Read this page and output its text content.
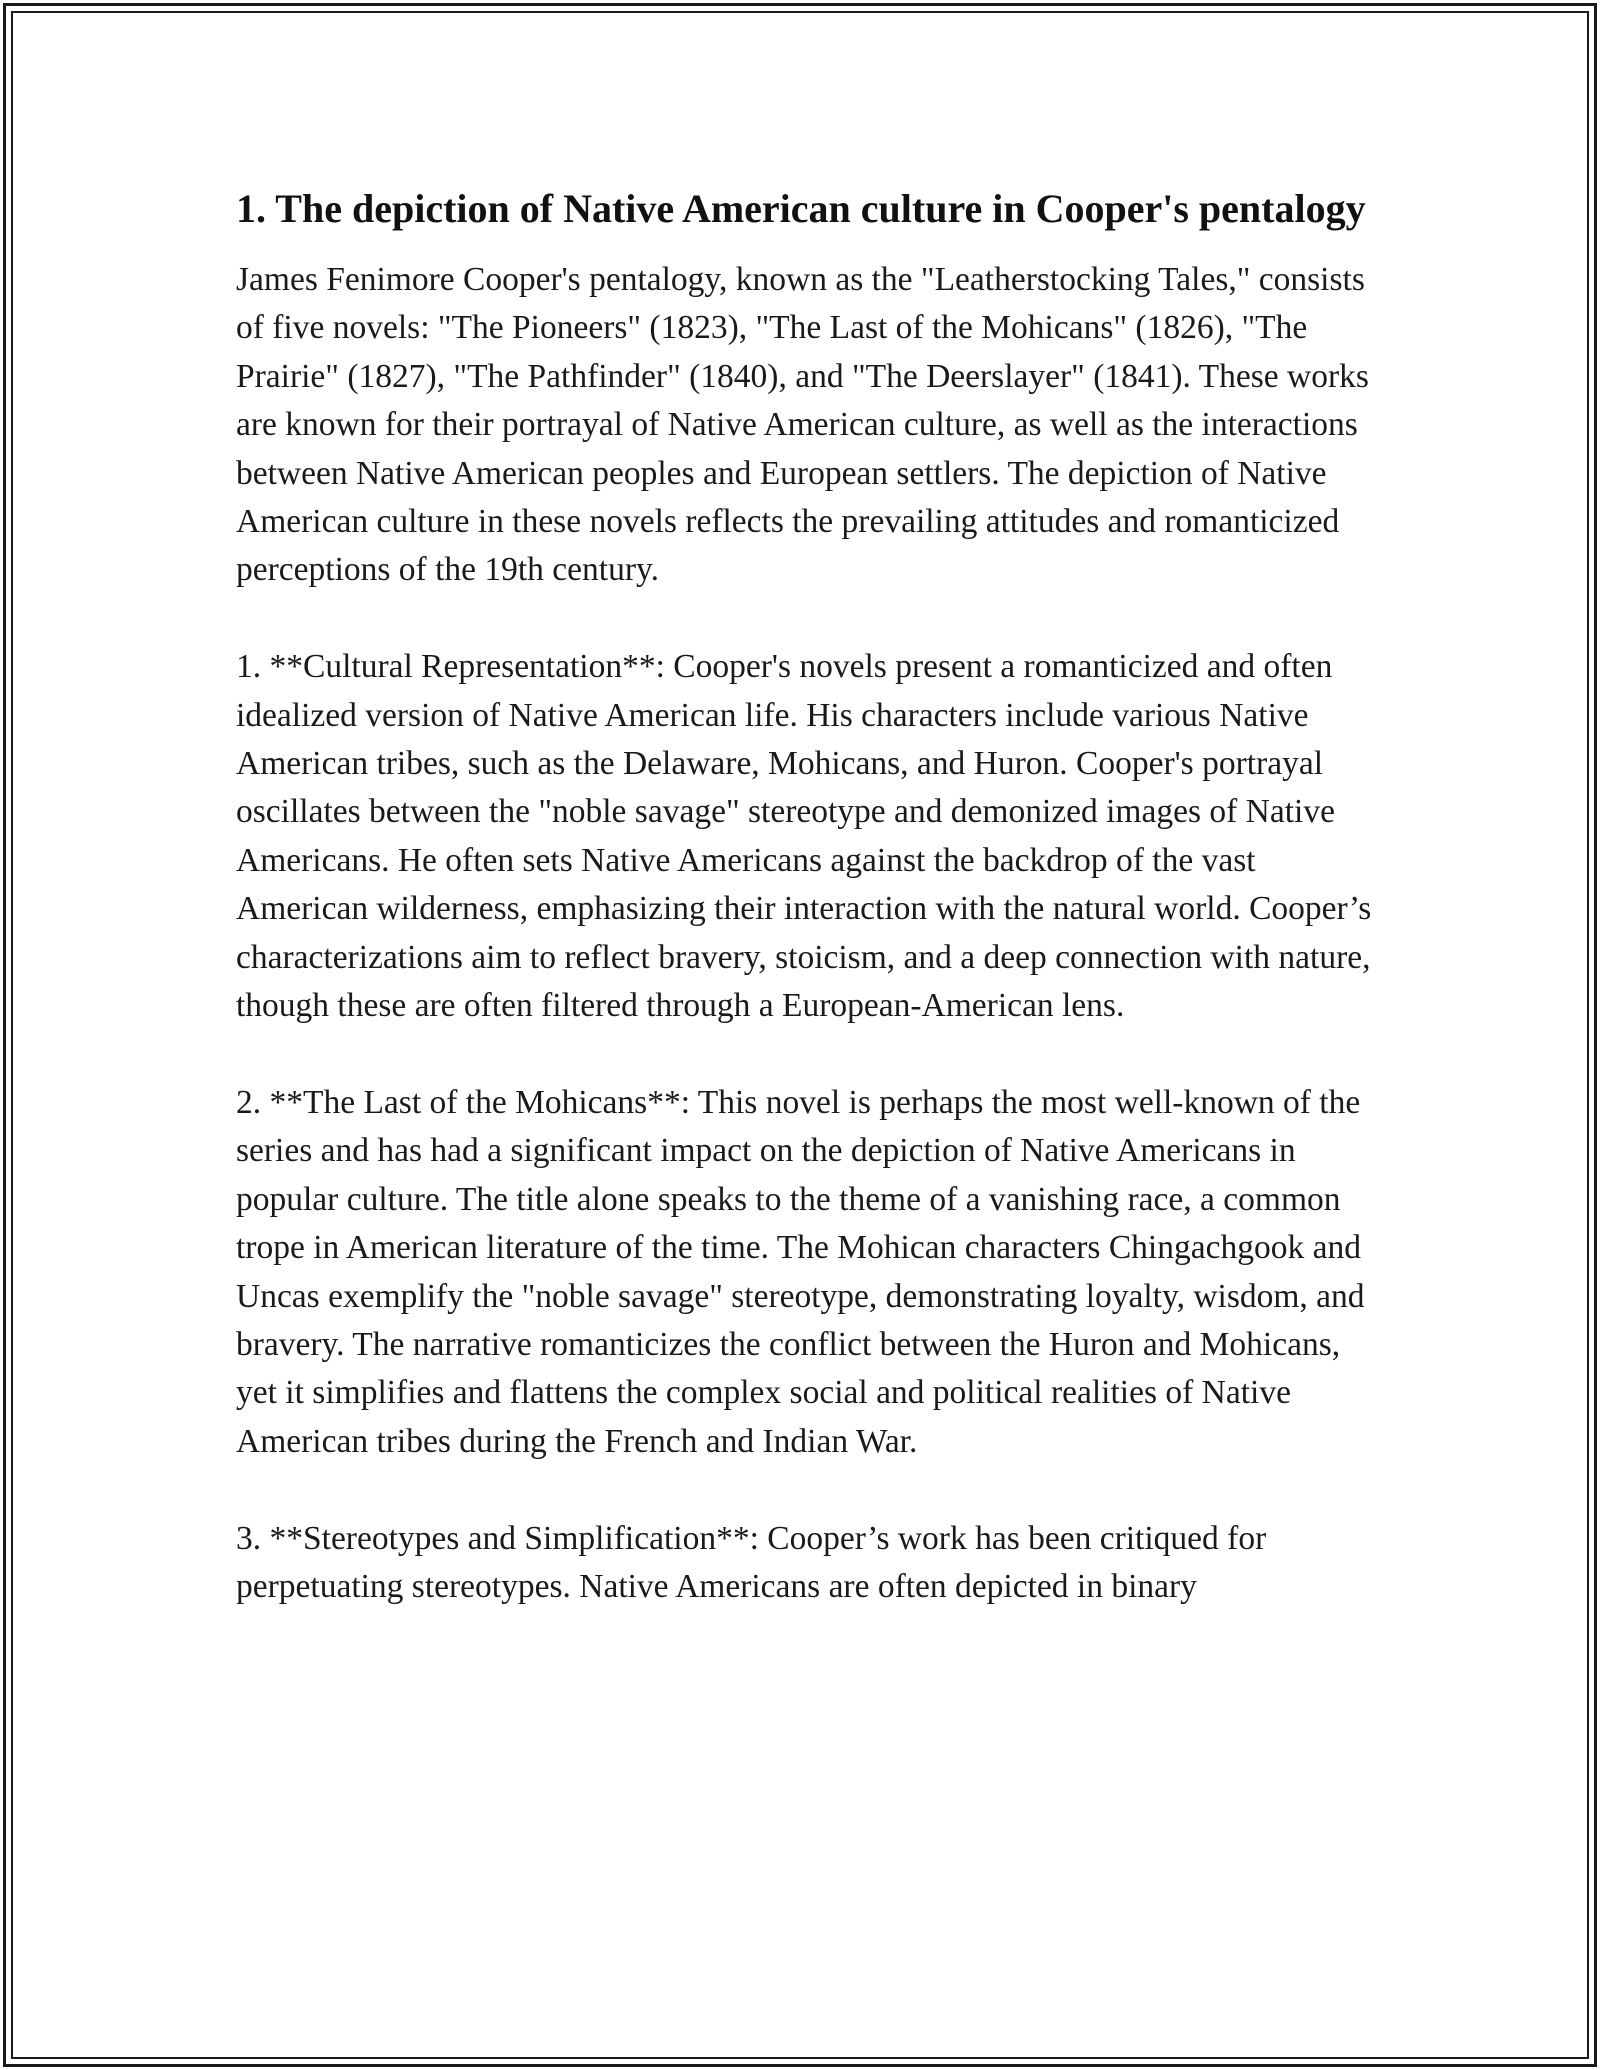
1. The depiction of Native American culture in Cooper's pentalogy

James Fenimore Cooper's pentalogy, known as the "Leatherstocking Tales," consists of five novels: "The Pioneers" (1823), "The Last of the Mohicans" (1826), "The Prairie" (1827), "The Pathfinder" (1840), and "The Deerslayer" (1841). These works are known for their portrayal of Native American culture, as well as the interactions between Native American peoples and European settlers. The depiction of Native American culture in these novels reflects the prevailing attitudes and romanticized perceptions of the 19th century.

1. **Cultural Representation**: Cooper's novels present a romanticized and often idealized version of Native American life. His characters include various Native American tribes, such as the Delaware, Mohicans, and Huron. Cooper's portrayal oscillates between the "noble savage" stereotype and demonized images of Native Americans. He often sets Native Americans against the backdrop of the vast American wilderness, emphasizing their interaction with the natural world. Cooper’s characterizations aim to reflect bravery, stoicism, and a deep connection with nature, though these are often filtered through a European-American lens.

2. **The Last of the Mohicans**: This novel is perhaps the most well-known of the series and has had a significant impact on the depiction of Native Americans in popular culture. The title alone speaks to the theme of a vanishing race, a common trope in American literature of the time. The Mohican characters Chingachgook and Uncas exemplify the "noble savage" stereotype, demonstrating loyalty, wisdom, and bravery. The narrative romanticizes the conflict between the Huron and Mohicans, yet it simplifies and flattens the complex social and political realities of Native American tribes during the French and Indian War.

3. **Stereotypes and Simplification**: Cooper’s work has been critiqued for perpetuating stereotypes. Native Americans are often depicted in binary
